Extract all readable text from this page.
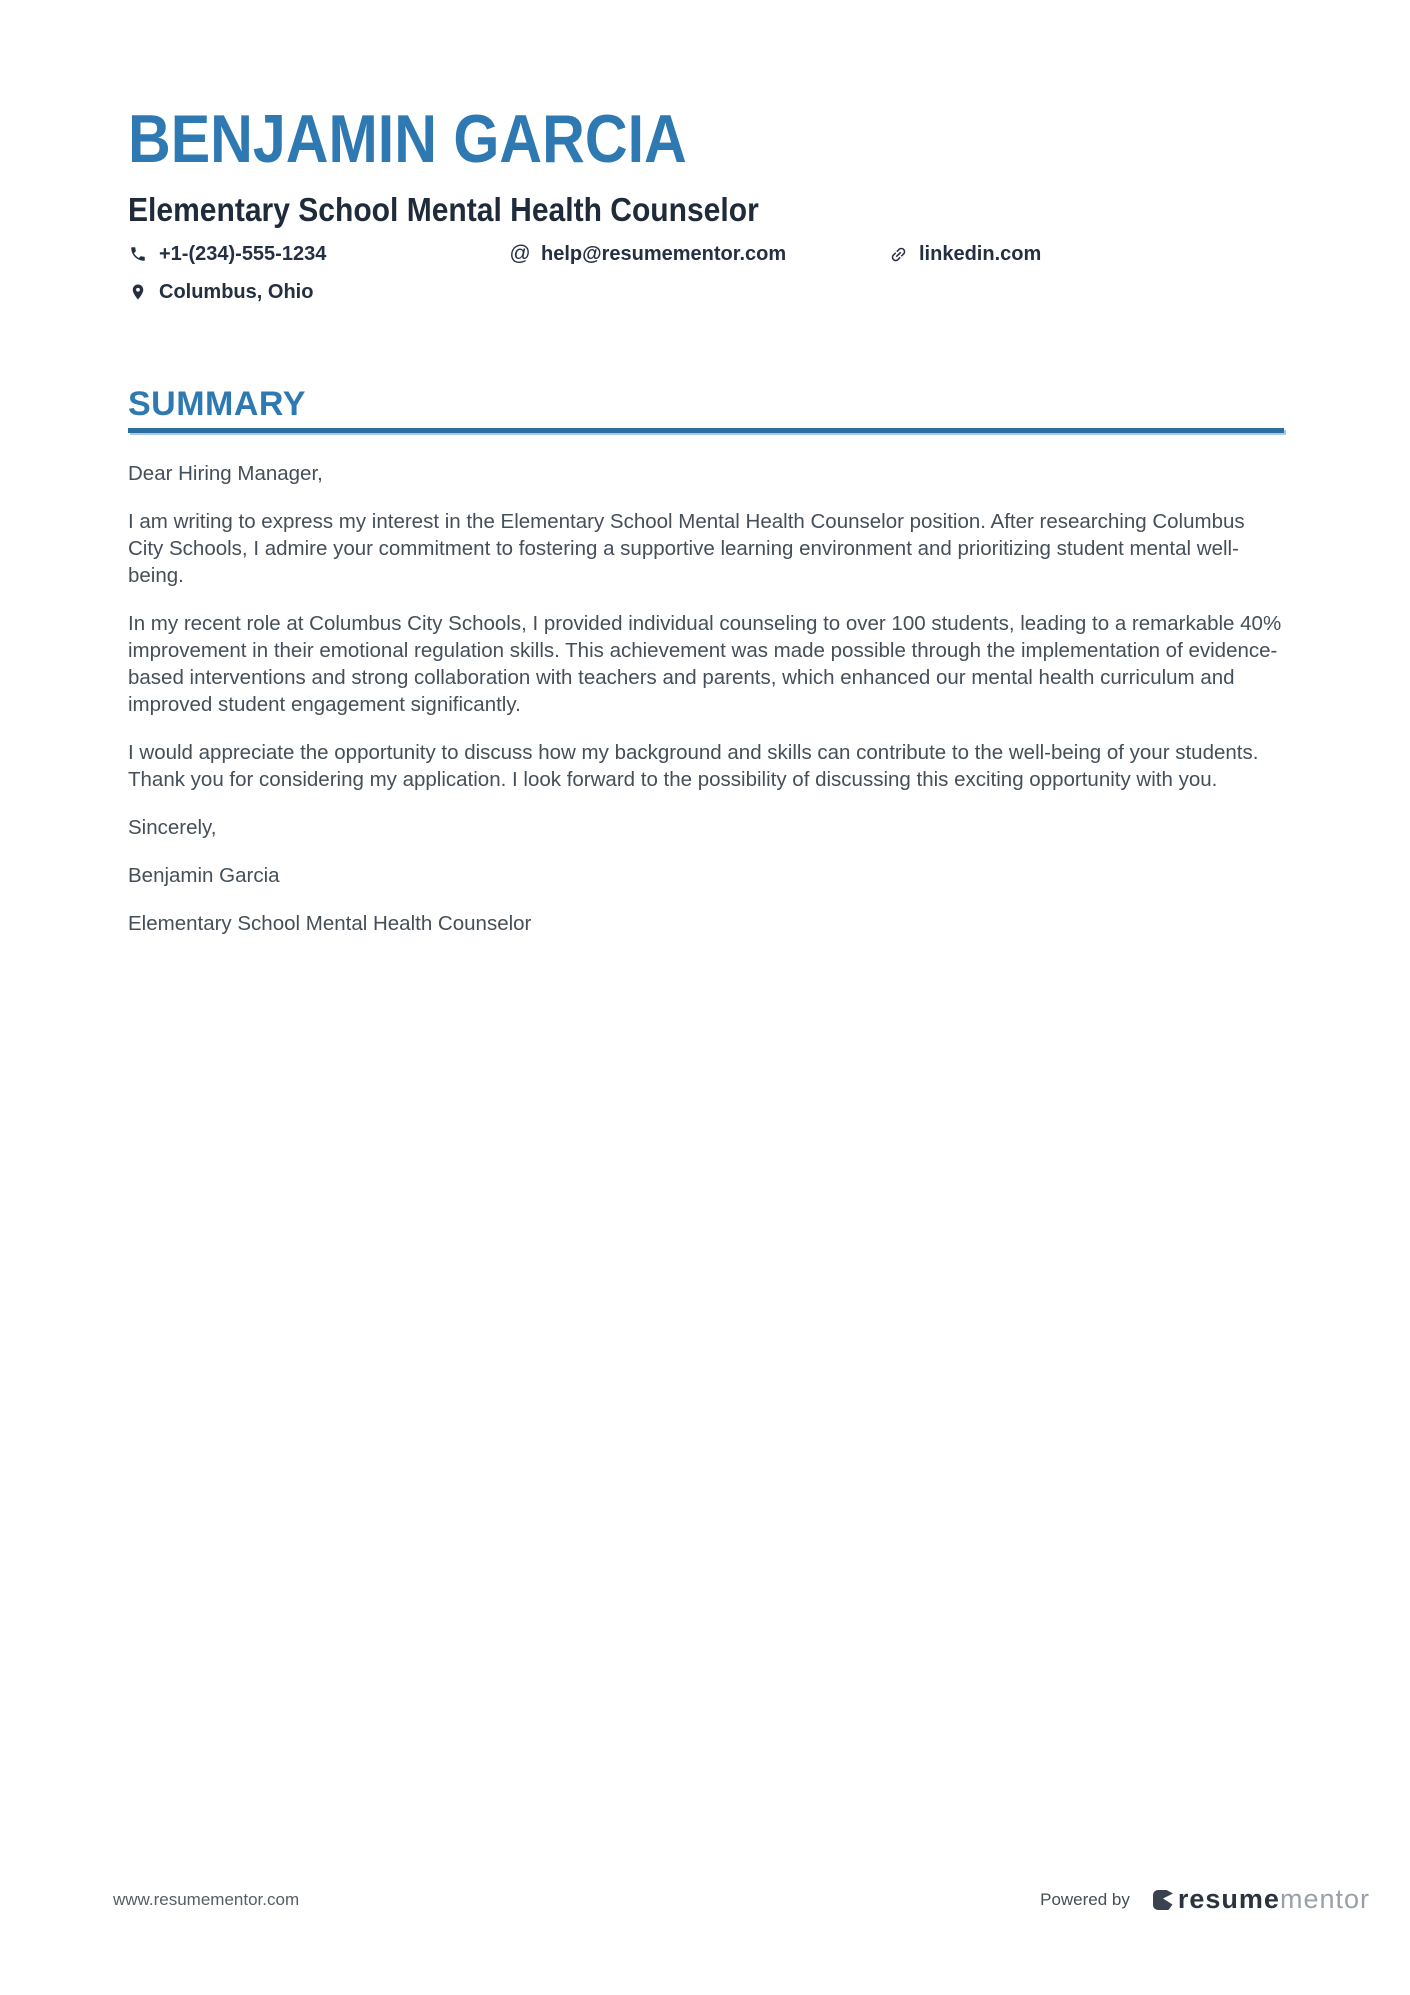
BENJAMIN GARCIA
Elementary School Mental Health Counselor
+1-(234)-555-1234	@ help@resumementor.com	linkedin.com
Columbus, Ohio
SUMMARY

Dear Hiring Manager,

I am writing to express my interest in the Elementary School Mental Health Counselor position. After researching Columbus City Schools, I admire your commitment to fostering a supportive learning environment and prioritizing student mental well-being.

In my recent role at Columbus City Schools, I provided individual counseling to over 100 students, leading to a remarkable 40% improvement in their emotional regulation skills. This achievement was made possible through the implementation of evidence-based interventions and strong collaboration with teachers and parents, which enhanced our mental health curriculum and improved student engagement significantly.

I would appreciate the opportunity to discuss how my background and skills can contribute to the well-being of your students. Thank you for considering my application. I look forward to the possibility of discussing this exciting opportunity with you.

Sincerely,

Benjamin Garcia

Elementary School Mental Health Counselor

www.resumementor.com	Powered by resumementor
